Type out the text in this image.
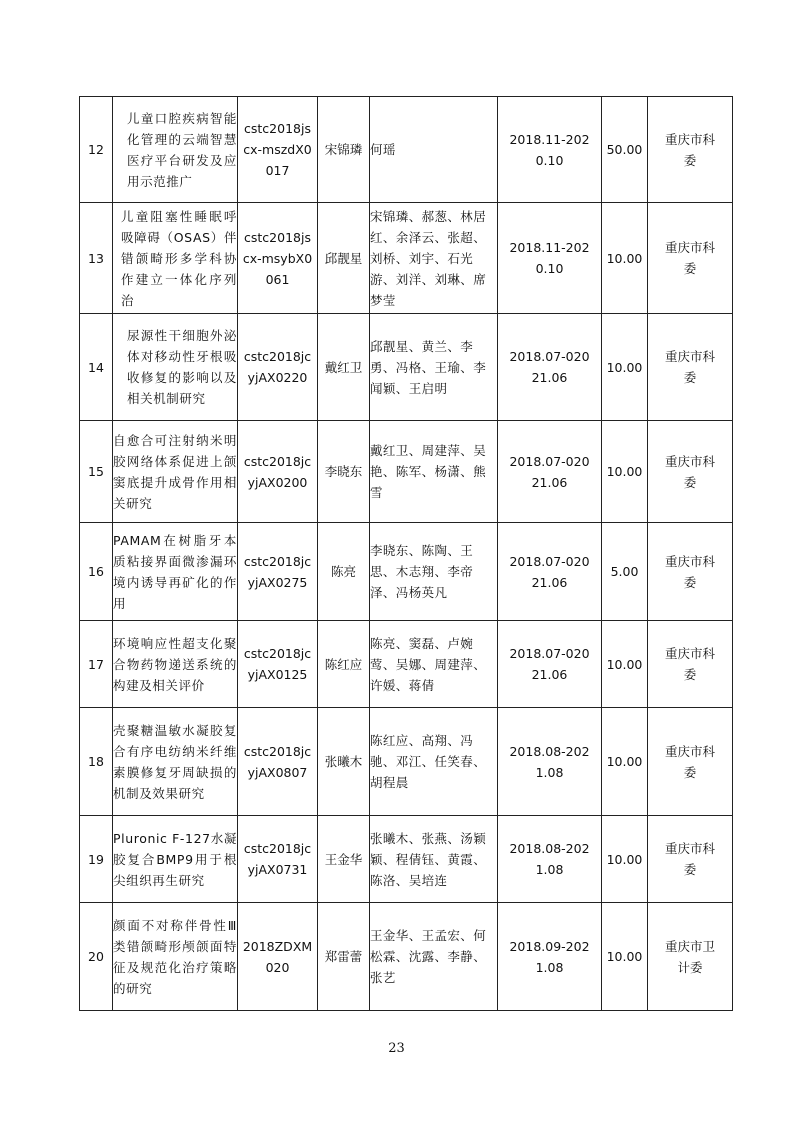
12	儿童口腔疾病智能化管理的云端智慧医疗平台研发及应用示范推广	cstc2018jscx-mszdX0017	宋锦璘	何瑶	2018.11-2020.10	50.00	重庆市科委

13	儿童阻塞性睡眠呼吸障碍（OSAS）伴错颌畸形多学科协作建立一体化序列治	cstc2018jscx-msybX0061	邱靓星	宋锦璘、郝葱、林居红、余泽云、张超、刘桥、刘宇、石光游、刘洋、刘琳、席梦莹	2018.11-2020.10	10.00	重庆市科委

14	尿源性干细胞外泌体对移动性牙根吸收修复的影响以及相关机制研究	cstc2018jcyjAX0220	戴红卫	邱靓星、黄兰、李勇、冯格、王瑜、李闻颖、王启明	2018.07-02021.06	10.00	重庆市科委

15	自愈合可注射纳米明胶网络体系促进上颌窦底提升成骨作用相关研究	cstc2018jcyjAX0200	李晓东	戴红卫、周建萍、吴艳、陈军、杨潇、熊雪	2018.07-02021.06	10.00	重庆市科委

16	PAMAM在树脂牙本质粘接界面微渗漏环境内诱导再矿化的作用	cstc2018jcyjAX0275	陈亮	李晓东、陈陶、王思、木志翔、李帝泽、冯杨英凡	2018.07-02021.06	5.00	重庆市科委

17	环境响应性超支化聚合物药物递送系统的构建及相关评价	cstc2018jcyjAX0125	陈红应	陈亮、窦磊、卢婉莺、吴娜、周建萍、许媛、蒋倩	2018.07-02021.06	10.00	重庆市科委

18	壳聚糖温敏水凝胶复合有序电纺纳米纤维素膜修复牙周缺损的机制及效果研究	cstc2018jcyjAX0807	张曦木	陈红应、高翔、冯驰、邓江、任笑春、胡程晨	2018.08-2021.08	10.00	重庆市科委

19	Pluronic F-127水凝胶复合BMP9用于根尖组织再生研究	cstc2018jcyjAX0731	王金华	张曦木、张燕、汤颖颖、程倩钰、黄霞、陈洛、吴培连	2018.08-2021.08	10.00	重庆市科委

20	颜面不对称伴骨性Ⅲ类错颌畸形颅颌面特征及规范化治疗策略的研究	2018ZDXM020	郑雷蕾	王金华、王孟宏、何松霖、沈露、李静、张艺	2018.09-2021.08	10.00	重庆市卫计委
23
